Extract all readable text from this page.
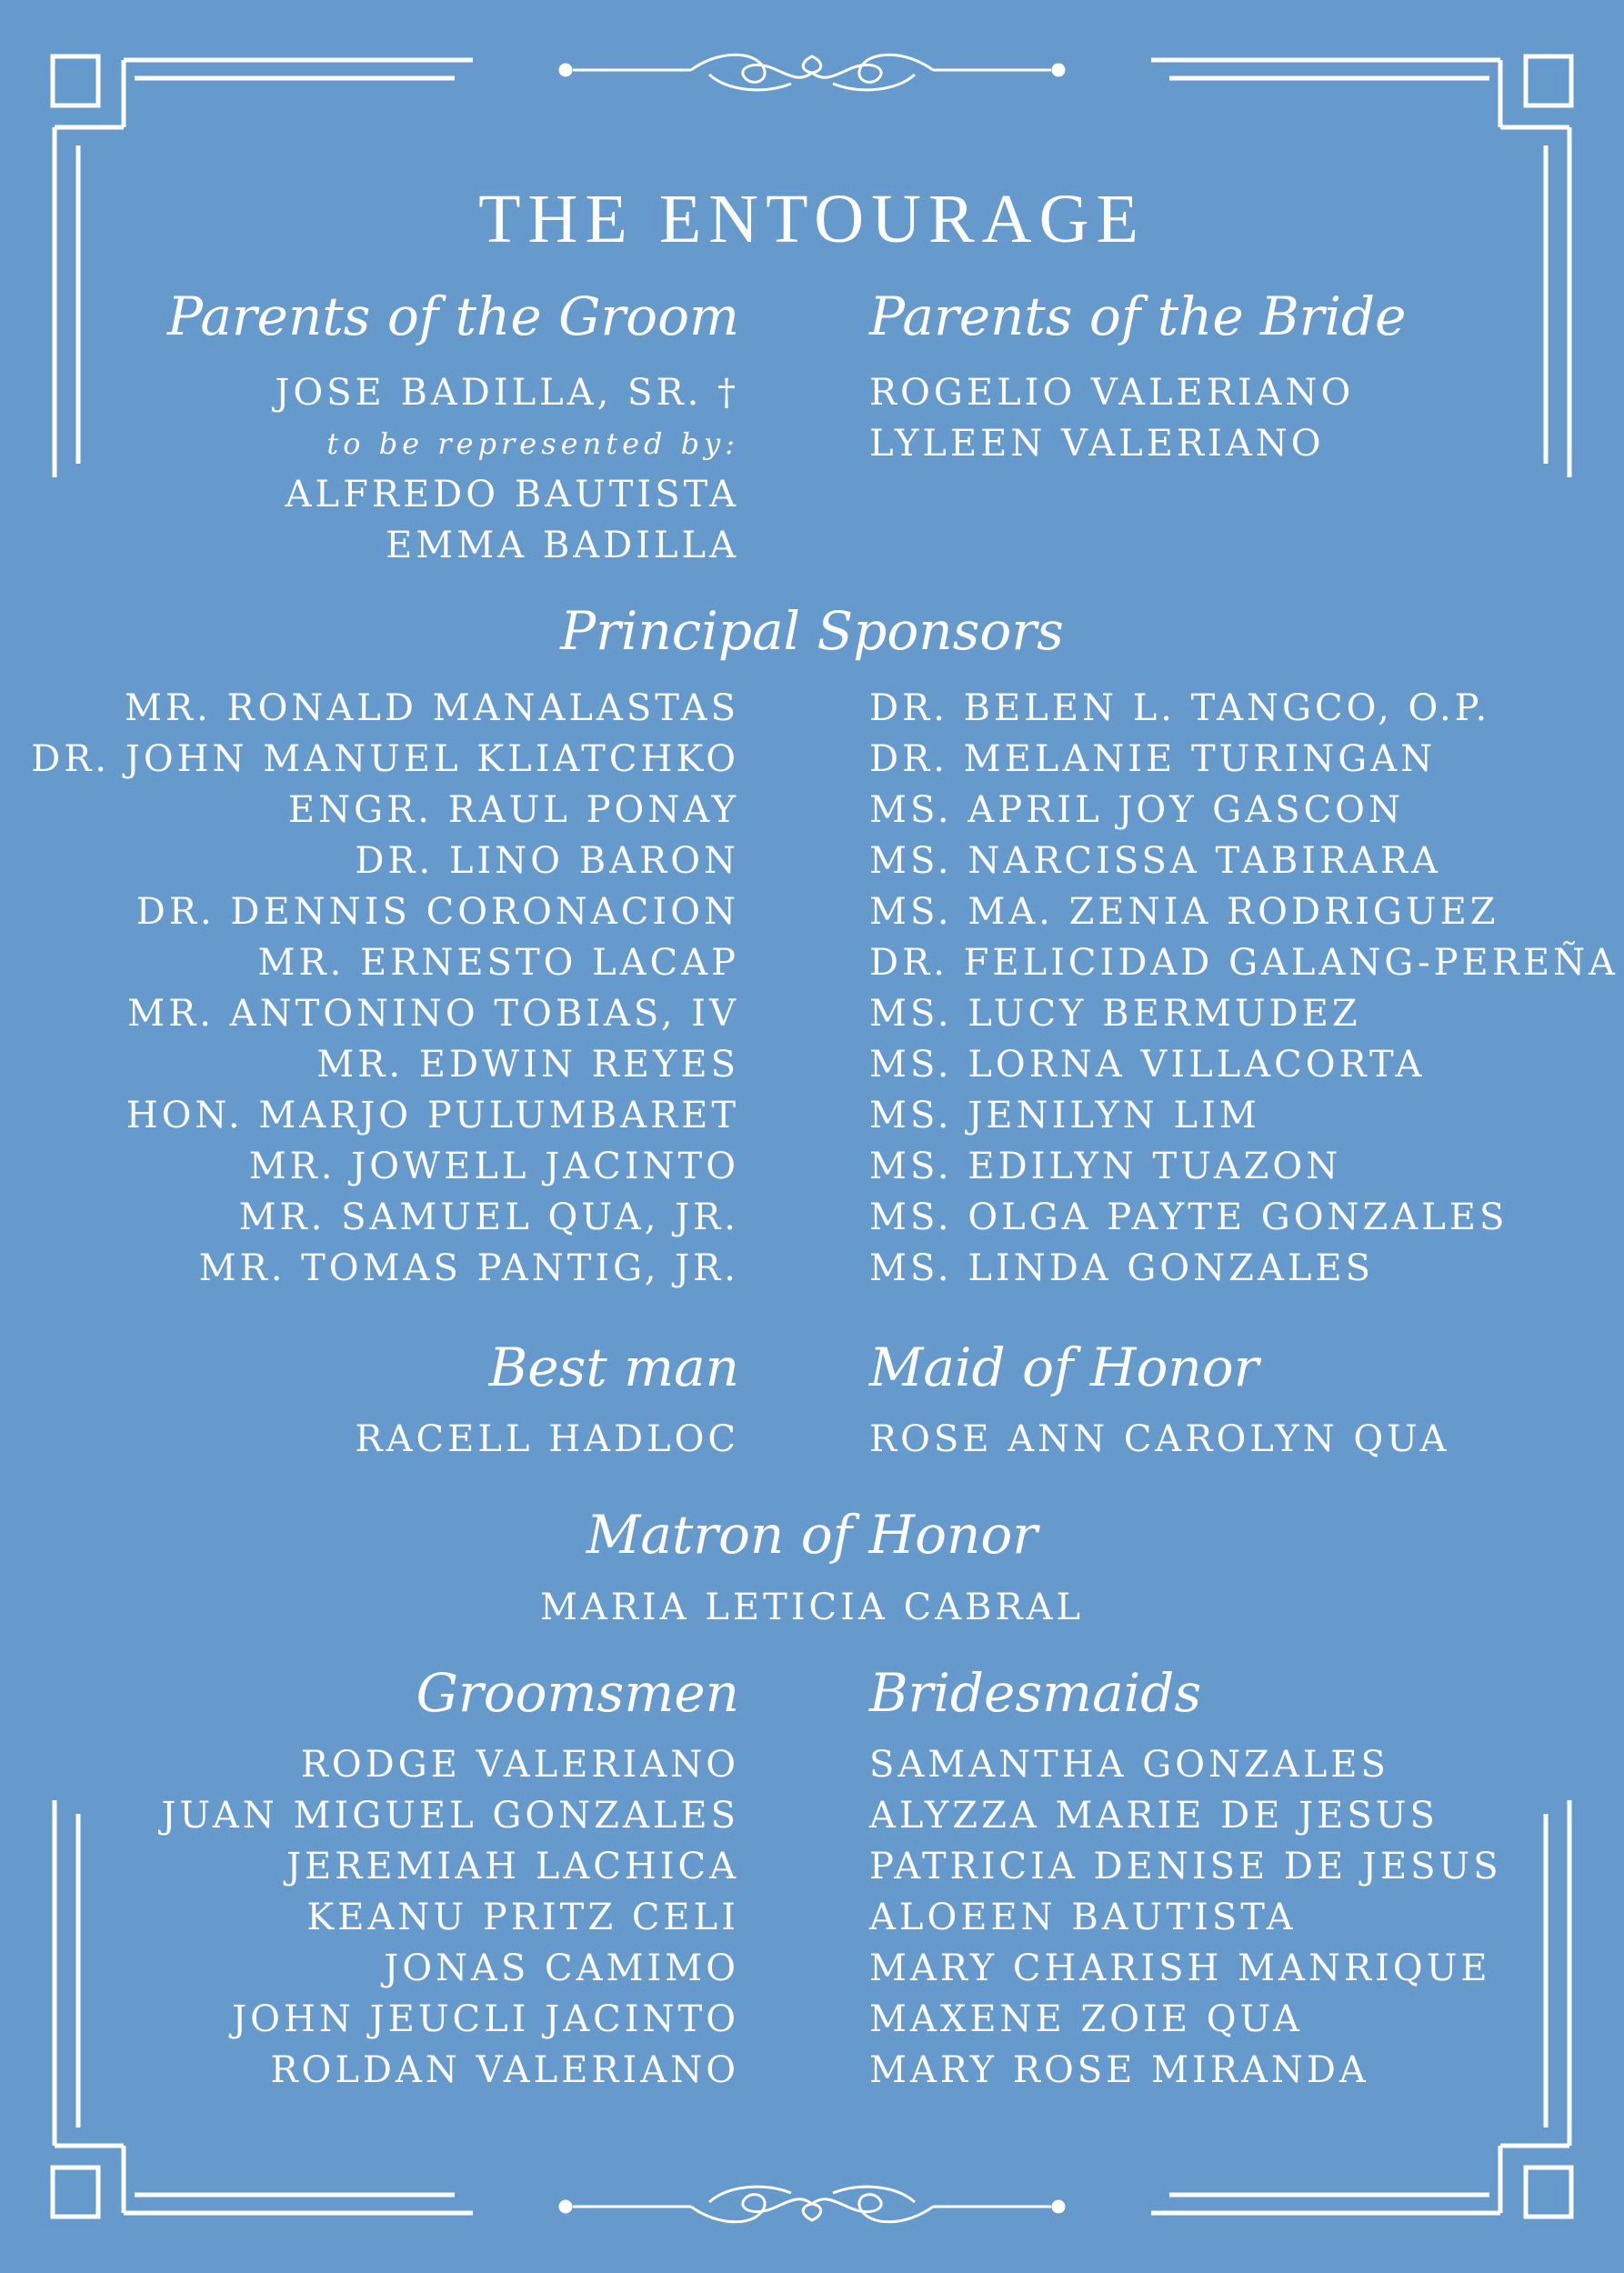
THE ENTOURAGE
Parents of the Groom Parents of the Bride
JOSE BADILLA, SR. †
to be represented by:
ALFREDO BAUTISTA
EMMA BADILLA
ROGELIO VALERIANO
LYLEEN VALERIANO
Principal Sponsors
MR. RONALD MANALASTAS
DR. JOHN MANUEL KLIATCHKO
ENGR. RAUL PONAY
DR. LINO BARON
DR. DENNIS CORONACION
MR. ERNESTO LACAP
MR. ANTONINO TOBIAS, IV
MR. EDWIN REYES
HON. MARJO PULUMBARET
MR. JOWELL JACINTO
MR. SAMUEL QUA, JR.
MR. TOMAS PANTIG, JR.
DR. BELEN L. TANGCO, O.P.
DR. MELANIE TURINGAN
MS. APRIL JOY GASCON
MS. NARCISSA TABIRARA
MS. MA. ZENIA RODRIGUEZ
DR. FELICIDAD GALANG-PEREÑA
MS. LUCY BERMUDEZ
MS. LORNA VILLACORTA
MS. JENILYN LIM
MS. EDILYN TUAZON
MS. OLGA PAYTE GONZALES
MS. LINDA GONZALES
Best man Maid of Honor
RACELL HADLOC	ROSE ANN CAROLYN QUA
Matron of Honor
MARIA LETICIA CABRAL
Groomsmen Bridesmaids
RODGE VALERIANO
JUAN MIGUEL GONZALES
JEREMIAH LACHICA
KEANU PRITZ CELI
JONAS CAMIMO
JOHN JEUCLI JACINTO
ROLDAN VALERIANO
SAMANTHA GONZALES
ALYZZA MARIE DE JESUS
PATRICIA DENISE DE JESUS
ALOEEN BAUTISTA
MARY CHARISH MANRIQUE
MAXENE ZOIE QUA
MARY ROSE MIRANDA
